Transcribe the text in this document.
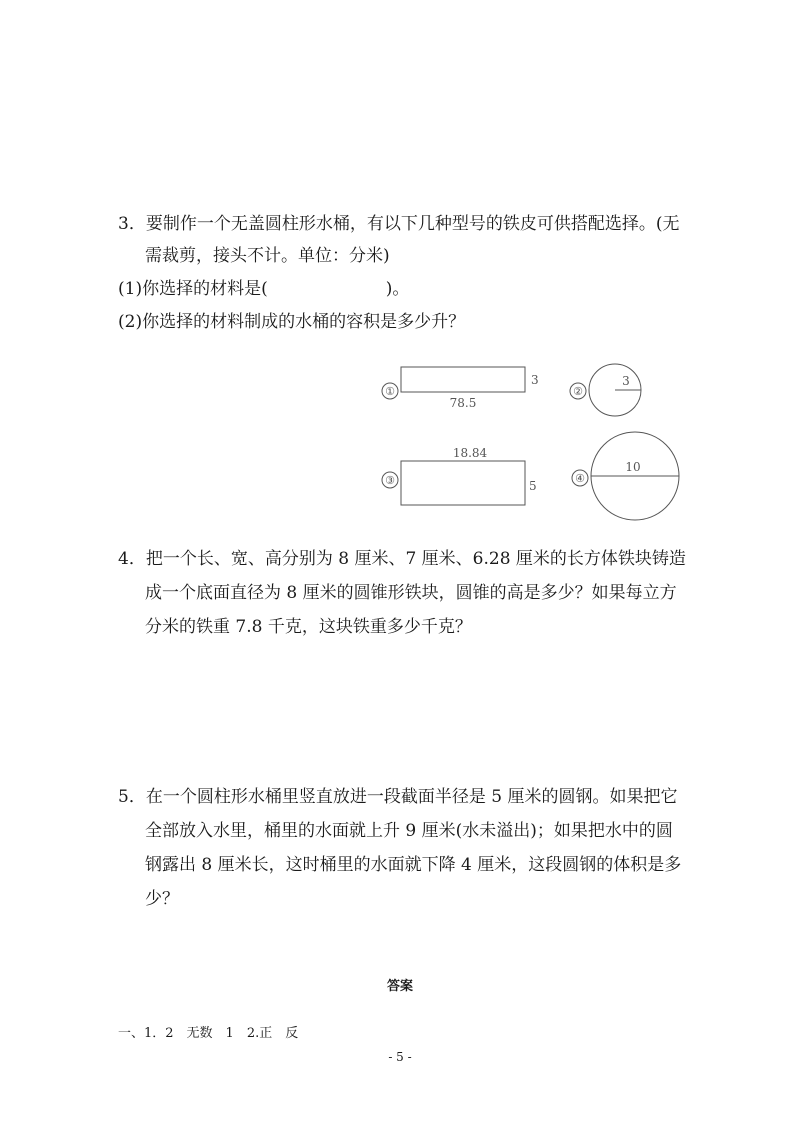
3．要制作一个无盖圆柱形水桶，有以下几种型号的铁皮可供搭配选择。(无
需裁剪，接头不计。单位：分米)
(1)你选择的材料是(	)。
(2)你选择的材料制成的水桶的容积是多少升？
①
78.5
3
②
3
③
18.84
5
④
10
4．把一个长、宽、高分别为 8 厘米、7 厘米、6.28 厘米的长方体铁块铸造
成一个底面直径为 8 厘米的圆锥形铁块，圆锥的高是多少？如果每立方
分米的铁重 7.8 千克，这块铁重多少千克？
5．在一个圆柱形水桶里竖直放进一段截面半径是 5 厘米的圆钢。如果把它
全部放入水里，桶里的水面就上升 9 厘米(水未溢出)；如果把水中的圆
钢露出 8 厘米长，这时桶里的水面就下降 4 厘米，这段圆钢的体积是多
少？
答案
一、1．2　无数　1　2.正　反
- 5 -
